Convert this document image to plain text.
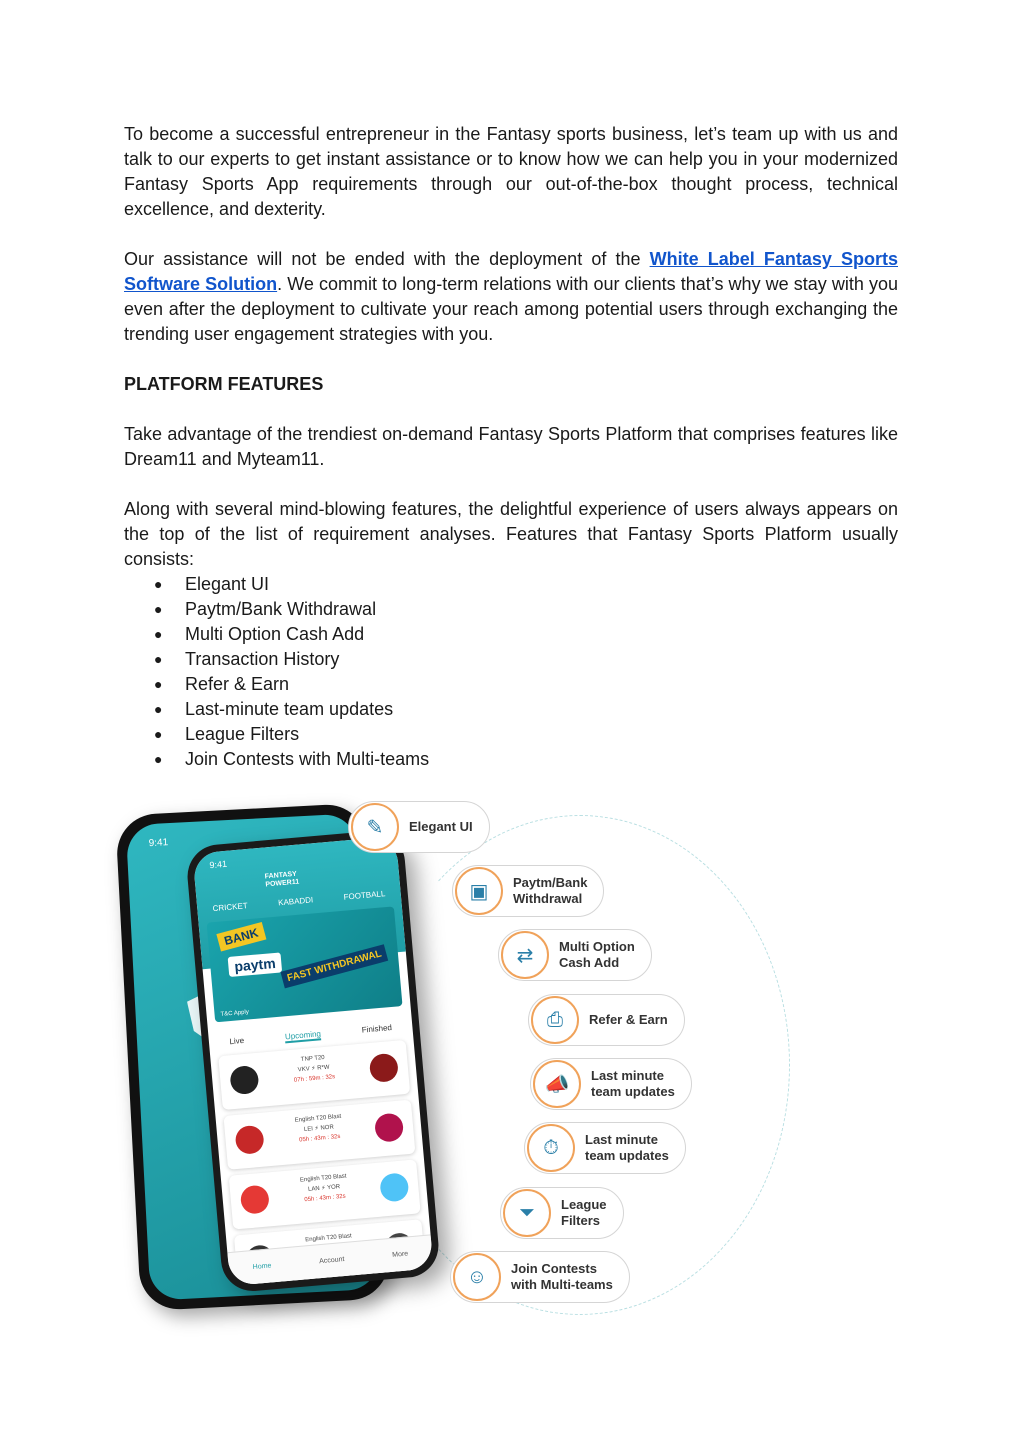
To become a successful entrepreneur in the Fantasy sports business, let’s team up with us and talk to our experts to get instant assistance or to know how we can help you in your modernized Fantasy Sports App requirements through our out-of-the-box thought process, technical excellence, and dexterity.

Our assistance will not be ended with the deployment of the White Label Fantasy Sports Software Solution. We commit to long-term relations with our clients that’s why we stay with you even after the deployment to cultivate your reach among potential users through exchanging the trending user engagement strategies with you.

PLATFORM FEATURES

Take advantage of the trendiest on-demand Fantasy Sports Platform that comprises features like Dream11 and Myteam11.

Along with several mind-blowing features, the delightful experience of users always appears on the top of the list of requirement analyses. Features that Fantasy Sports Platform usually consists:

● Elegant UI
● Paytm/Bank Withdrawal
● Multi Option Cash Add
● Transaction History
● Refer & Earn
● Last-minute team updates
● League Filters
● Join Contests with Multi-teams
9:41
9:41
FANTASY
POWER11
CRICKET	KABADDI	FOOTBALL
BANK
paytm FAST WITHDRAWAL
T&C Apply
Live	Upcoming
Finished
TNP T20
VKV ⚡ R*W
07h : 59m : 32s
English T20 Blast
LEI ⚡ NOR
05h : 43m : 32s
English T20 Blast
LAN ⚡ YOR
05h : 43m : 32s
English T20 Blast
Home
Account
More
✎	Elegant UI
▣	Paytm/Bank
Withdrawal
⇄	Multi Option
Cash Add
⎙	Refer & Earn
📣	Last minute
team updates
⏱	Last minute
team updates
⏷	League
Filters
☺	Join Contests
with Multi-teams
